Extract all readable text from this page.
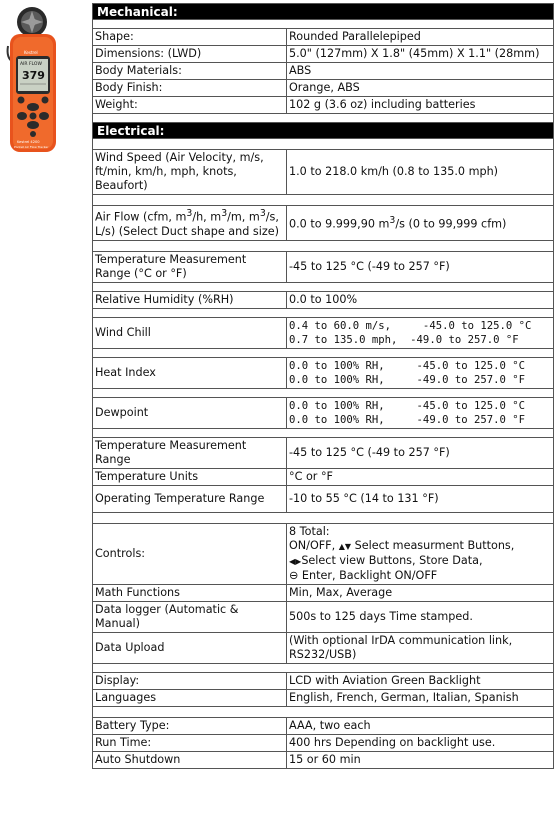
AIR FLOW
379
Kestrel
Kestrel 4200
Pocket Air Flow Tracker
Mechanical:	

Shape:	Rounded Parallelepiped
Dimensions: (LWD)	5.0" (127mm) X 1.8" (45mm) X 1.1" (28mm)
Body Materials:	ABS
Body Finish:	Orange, ABS
Weight:	102 g (3.6 oz) including batteries

Electrical:	

Wind Speed (Air Velocity, m/s, ft/min, km/h, mph, knots, Beaufort)	1.0 to 218.0 km/h (0.8 to 135.0 mph)

Air Flow (cfm, $m^3/h$, $m^3/m$, $m^3/s$, L/s) (Select Duct shape and size)	0.0 to 9.999,90 $m^3/s$ (0 to 99,999 cfm)

Temperature Measurement Range (°C or °F)	-45 to 125 °C (-49 to 257 °F)

Relative Humidity (%RH)	0.0 to 100%

Wind Chill	0.4 to 60.0 m/s,     -45.0 to 125.0 °C
0.7 to 135.0 mph,  -49.0 to 257.0 °F

Heat Index	0.0 to 100% RH,     -45.0 to 125.0 °C
0.0 to 100% RH,     -49.0 to 257.0 °F

Dewpoint	0.0 to 100% RH,     -45.0 to 125.0 °C
0.0 to 100% RH,     -49.0 to 257.0 °F

Temperature Measurement Range	-45 to 125 °C (-49 to 257 °F)
Temperature Units	°C or °F
Operating Temperature Range	-10 to 55 °C (14 to 131 °F)

Controls:	8 Total:
ON/OFF, ▲▼ Select measurment Buttons,
◀▶Select view Buttons, Store Data,
⊖ Enter, Backlight ON/OFF

Math Functions	Min, Max, Average
Data logger (Automatic & Manual)	500s to 125 days Time stamped.
Data Upload	(With optional IrDA communication link, RS232/USB)

Display:	LCD with Aviation Green Backlight
Languages	English, French, German, Italian, Spanish

Battery Type:	AAA, two each
Run Time:	400 hrs Depending on backlight use.
Auto Shutdown	15 or 60 min
